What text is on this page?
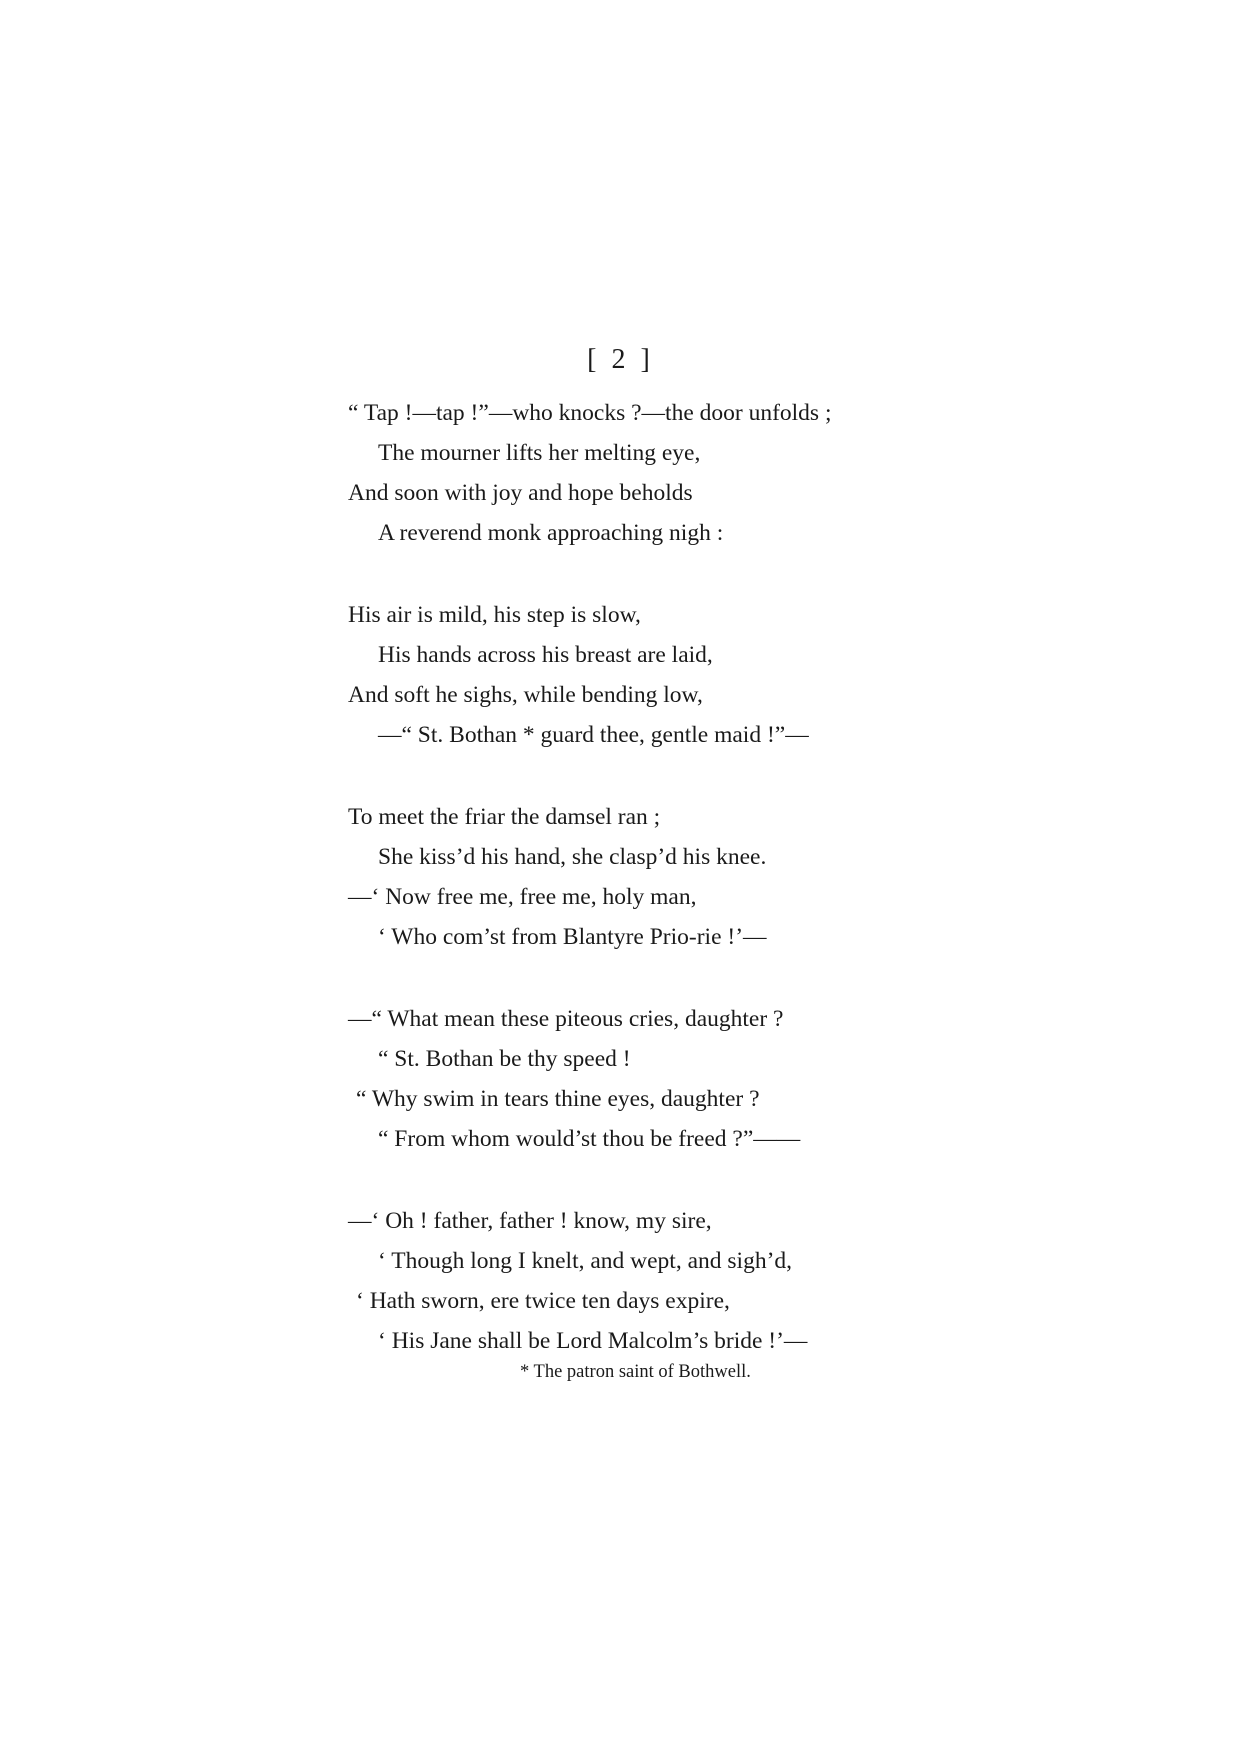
[ 2 ]
“ Tap !—tap !”—who knocks ?—the door unfolds ;
The mourner lifts her melting eye,
And soon with joy and hope beholds
A reverend monk approaching nigh :
His air is mild, his step is slow,
His hands across his breast are laid,
And soft he sighs, while bending low,
—“ St. Bothan * guard thee, gentle maid !”—
To meet the friar the damsel ran ;
She kiss’d his hand, she clasp’d his knee.
—‘ Now free me, free me, holy man,
‘ Who com’st from Blantyre Prio-rie !’—
—“ What mean these piteous cries, daughter ?
“ St. Bothan be thy speed !
“ Why swim in tears thine eyes, daughter ?
“ From whom would’st thou be freed ?”——
—‘ Oh ! father, father ! know, my sire,
‘ Though long I knelt, and wept, and sigh’d,
‘ Hath sworn, ere twice ten days expire,
‘ His Jane shall be Lord Malcolm’s bride !’—
* The patron saint of Bothwell.
